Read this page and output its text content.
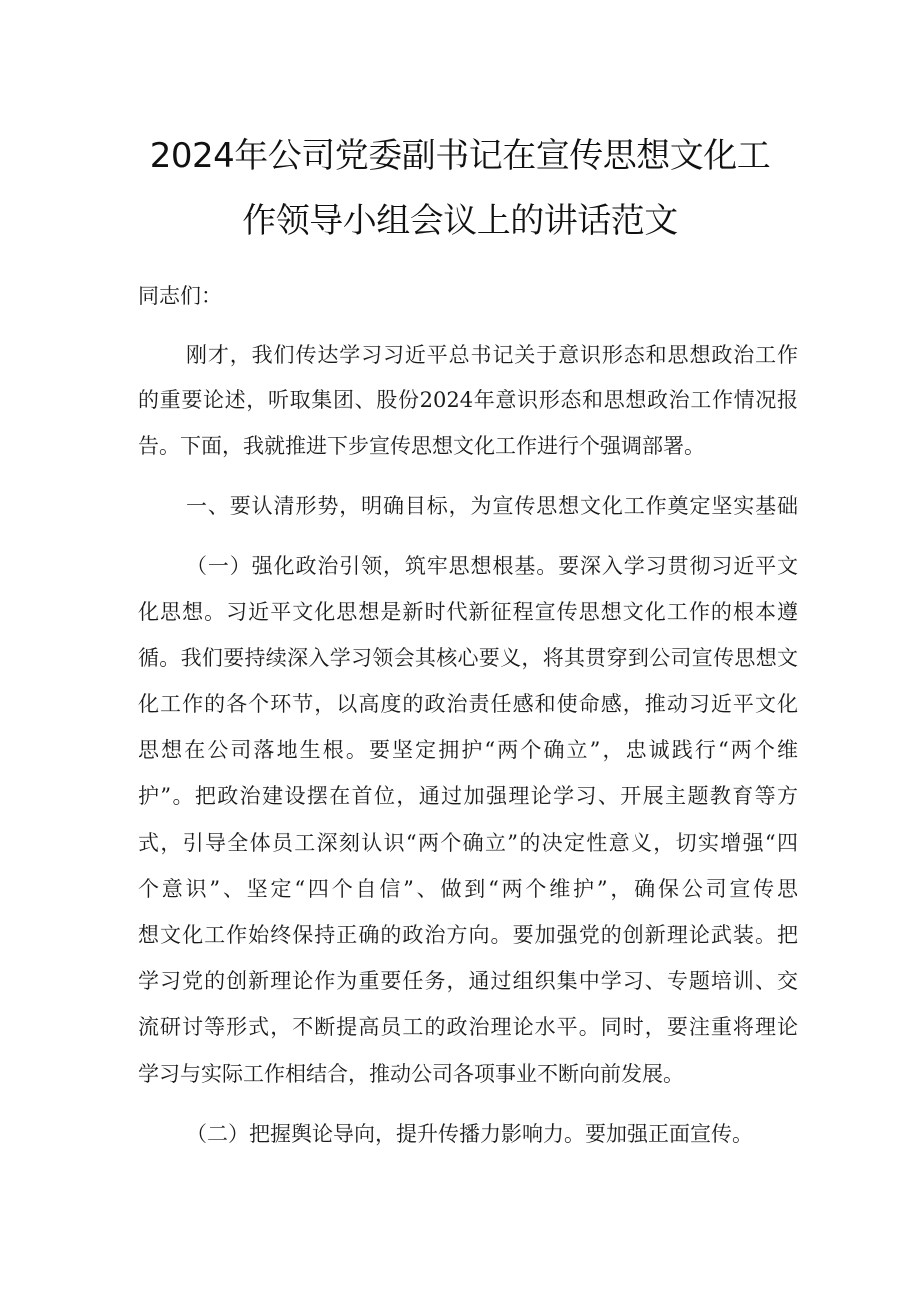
2024年公司党委副书记在宣传思想文化工
作领导小组会议上的讲话范文
同志们：
刚才，我们传达学习习近平总书记关于意识形态和思想政治工作
的重要论述，听取集团、股份2024年意识形态和思想政治工作情况报
告。下面，我就推进下步宣传思想文化工作进行个强调部署。
一、要认清形势，明确目标，为宣传思想文化工作奠定坚实基础
（一）强化政治引领，筑牢思想根基。要深入学习贯彻习近平文
化思想。习近平文化思想是新时代新征程宣传思想文化工作的根本遵
循。我们要持续深入学习领会其核心要义，将其贯穿到公司宣传思想文
化工作的各个环节，以高度的政治责任感和使命感，推动习近平文化
思想在公司落地生根。要坚定拥护“两个确立”，忠诚践行“两个维
护”。把政治建设摆在首位，通过加强理论学习、开展主题教育等方
式，引导全体员工深刻认识“两个确立”的决定性意义，切实增强“四
个意识”、坚定“四个自信”、做到“两个维护”，确保公司宣传思
想文化工作始终保持正确的政治方向。要加强党的创新理论武装。把
学习党的创新理论作为重要任务，通过组织集中学习、专题培训、交
流研讨等形式，不断提高员工的政治理论水平。同时，要注重将理论
学习与实际工作相结合，推动公司各项事业不断向前发展。
（二）把握舆论导向，提升传播力影响力。要加强正面宣传。
